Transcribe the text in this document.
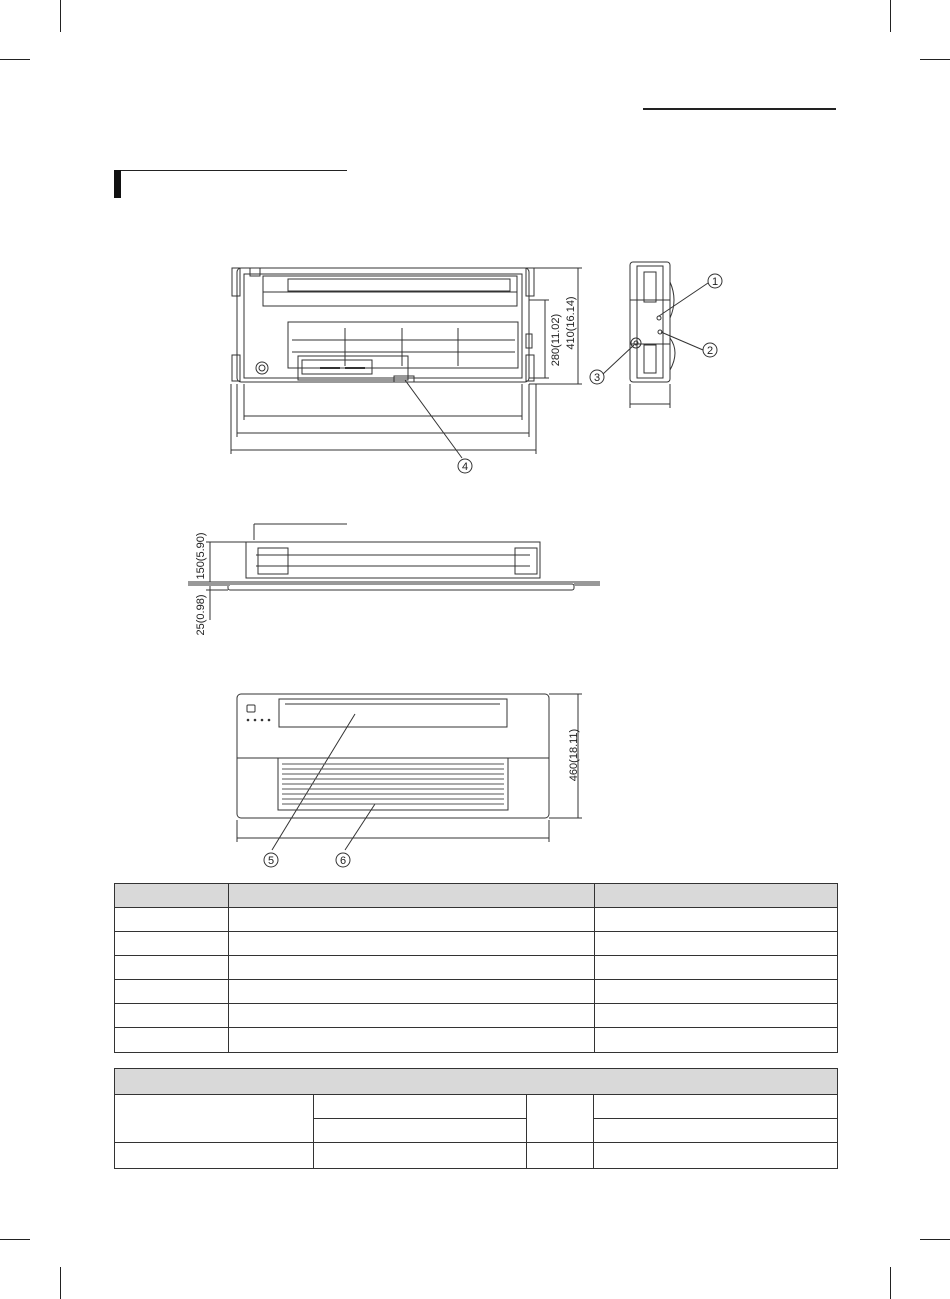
280(11.02) 410(16.14)
150(5.90)
25(0.98)
460(18.11)
1
2
3
4
5	6
